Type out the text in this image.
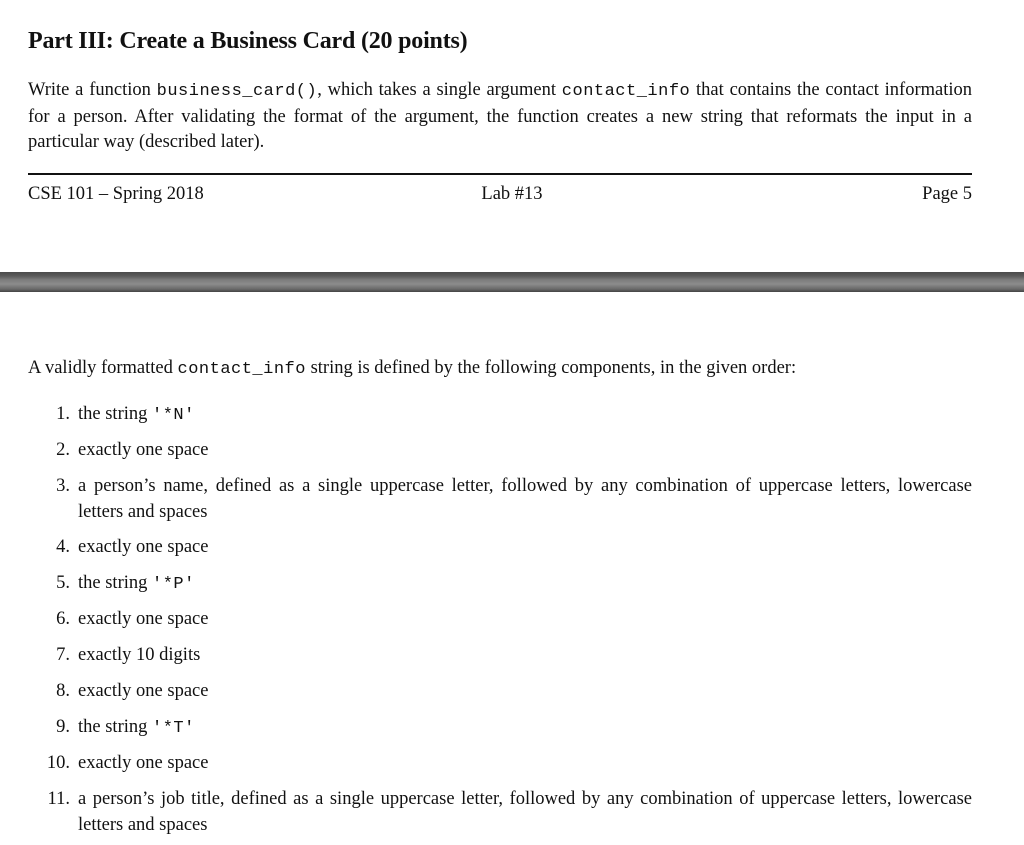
Part III: Create a Business Card (20 points)

Write a function business_card(), which takes a single argument contact_info that contains the contact information for a person. After validating the format of the argument, the function creates a new string that reformats the input in a particular way (described later).

CSE 101 – Spring 2018	Lab #13	Page 5

A validly formatted contact_info string is defined by the following components, in the given order:

1. the string '*N'
2. exactly one space
3. a person’s name, defined as a single uppercase letter, followed by any combination of uppercase letters, lowercase letters and spaces
4. exactly one space
5. the string '*P'
6. exactly one space
7. exactly 10 digits
8. exactly one space
9. the string '*T'
10. exactly one space
11. a person’s job title, defined as a single uppercase letter, followed by any combination of uppercase letters, lowercase letters and spaces
